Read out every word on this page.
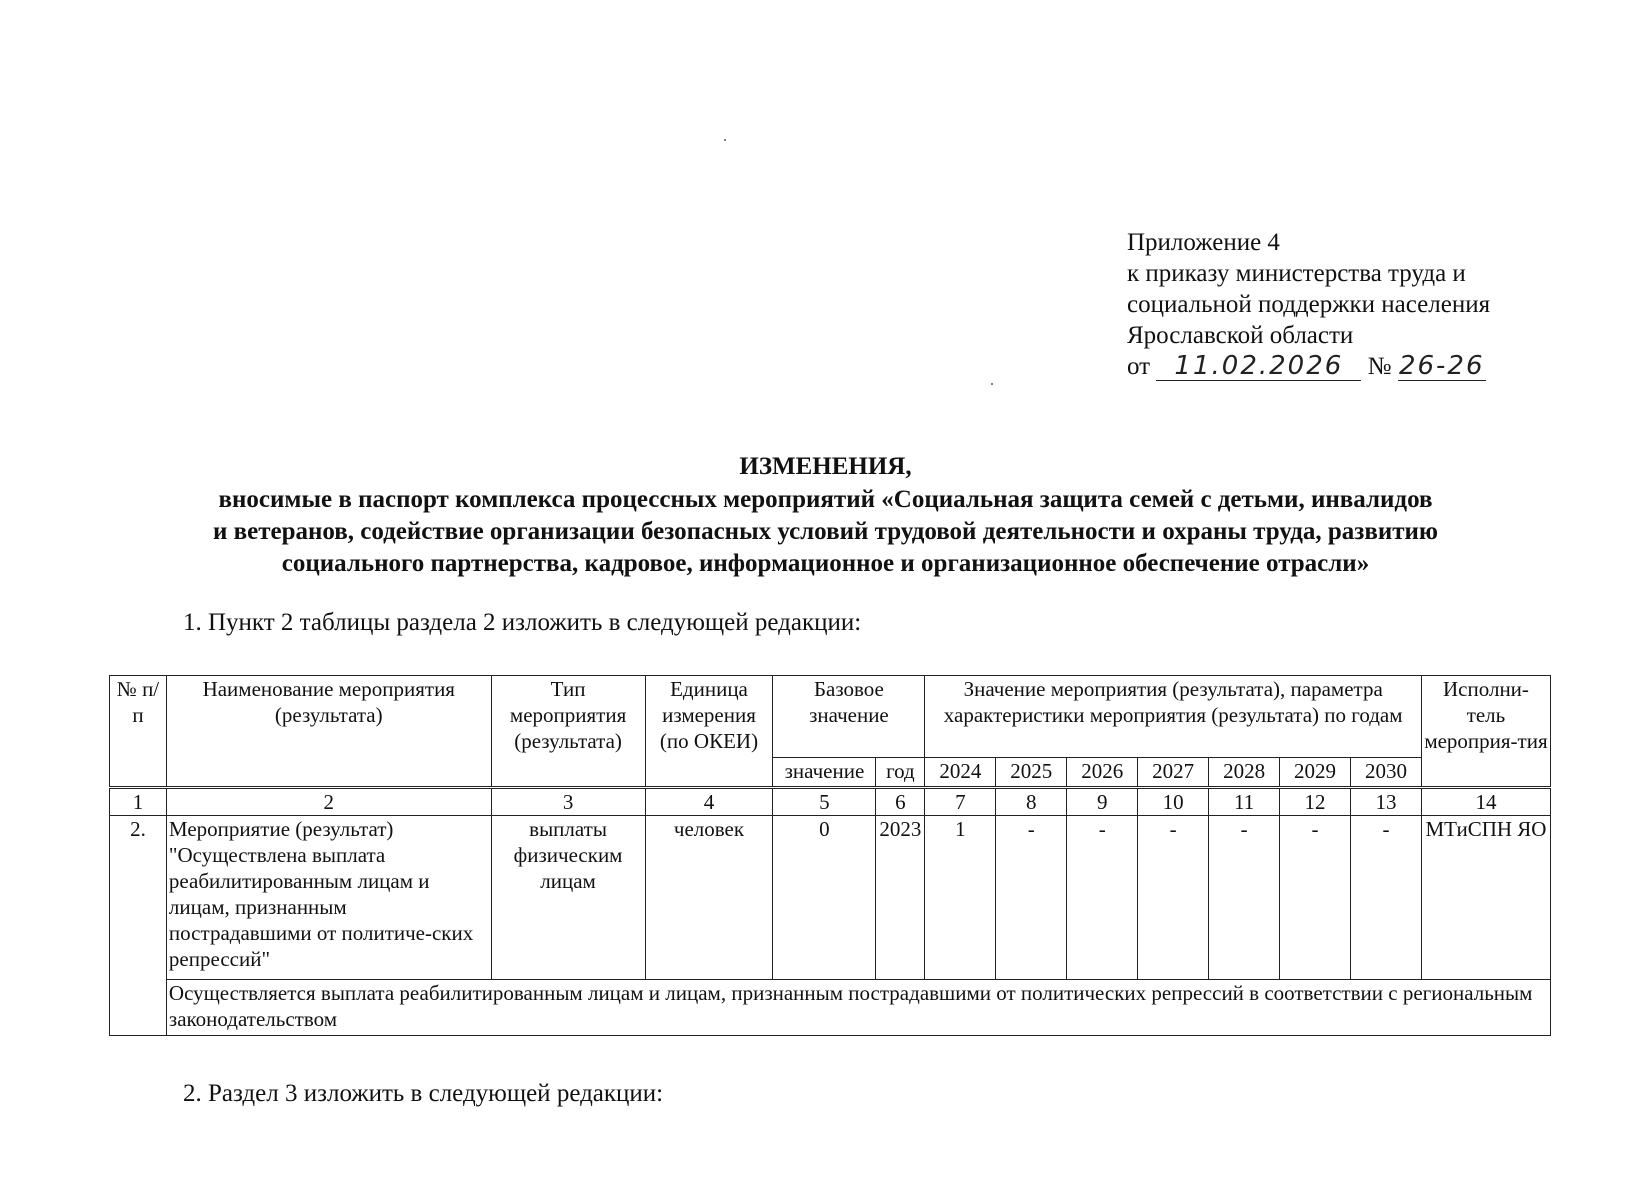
Приложение 4
к приказу министерства труда и
социальной поддержки населения
Ярославской области
от 11.02.2026 № 26-26
ИЗМЕНЕНИЯ,
вносимые в паспорт комплекса процессных мероприятий «Социальная защита семей с детьми, инвалидов
и ветеранов, содействие организации безопасных условий трудовой деятельности и охраны труда, развитию
социального партнерства, кадровое, информационное и организационное обеспечение отрасли»
1. Пункт 2 таблицы раздела 2 изложить в следующей редакции:
№ п/п	Наименование мероприятия (результата)	Тип мероприятия (результата)	Единица измерения (по ОКЕИ)	Базовое значение		Значение мероприятия (результата), параметра характеристики мероприятия (результата) по годам							Исполни-тель мероприя-тия
				значение	год	2024	2025	2026	2027	2028	2029	2030	
1	2	3	4	5	6	7	8	9	10	11	12	13	14
2.	Мероприятие (результат) "Осуществлена выплата реабилитированным лицам и лицам, признанным пострадавшими от политиче-ских репрессий"	выплаты физическим лицам	человек	0	2023	1	-	-	-	-	-	-	МТиСПН ЯО
	Осуществляется выплата реабилитированным лицам и лицам, признанным пострадавшими от политических репрессий в соответствии с региональным законодательством												
2. Раздел 3 изложить в следующей редакции:
